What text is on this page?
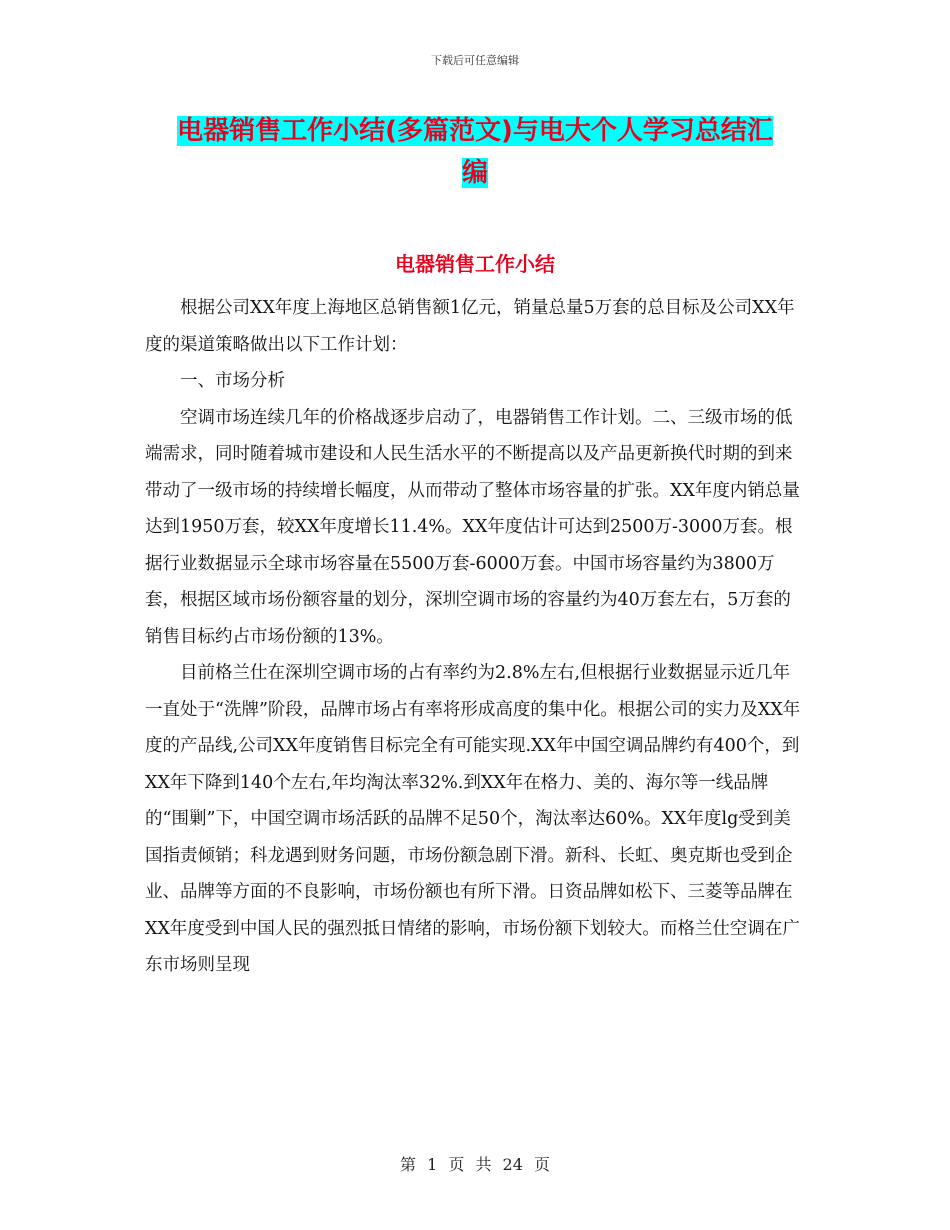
下载后可任意编辑
电器销售工作小结(多篇范文)与电大个人学习总结汇
编
电器销售工作小结

根据公司XX年度上海地区总销售额1亿元，销量总量5万套的总目标及公司XX年度的渠道策略做出以下工作计划：

一、市场分析

空调市场连续几年的价格战逐步启动了，电器销售工作计划。二、三级市场的低端需求，同时随着城市建设和人民生活水平的不断提高以及产品更新换代时期的到来带动了一级市场的持续增长幅度，从而带动了整体市场容量的扩张。XX年度内销总量达到1950万套，较XX年度增长11.4%。XX年度估计可达到2500万-3000万套。根据行业数据显示全球市场容量在5500万套-6000万套。中国市场容量约为3800万套，根据区域市场份额容量的划分，深圳空调市场的容量约为40万套左右，5万套的销售目标约占市场份额的13%。

目前格兰仕在深圳空调市场的占有率约为2.8%左右,但根据行业数据显示近几年一直处于“洗牌”阶段，品牌市场占有率将形成高度的集中化。根据公司的实力及XX年度的产品线,公司XX年度销售目标完全有可能实现.XX年中国空调品牌约有400个，到XX年下降到140个左右,年均淘汰率32%.到XX年在格力、美的、海尔等一线品牌的“围剿”下，中国空调市场活跃的品牌不足50个，淘汰率达60%。XX年度lg受到美国指责倾销；科龙遇到财务问题，市场份额急剧下滑。新科、长虹、奥克斯也受到企业、品牌等方面的不良影响，市场份额也有所下滑。日资品牌如松下、三菱等品牌在XX年度受到中国人民的强烈抵日情绪的影响，市场份额下划较大。而格兰仕空调在广东市场则呈现

第 1 页 共 24 页
